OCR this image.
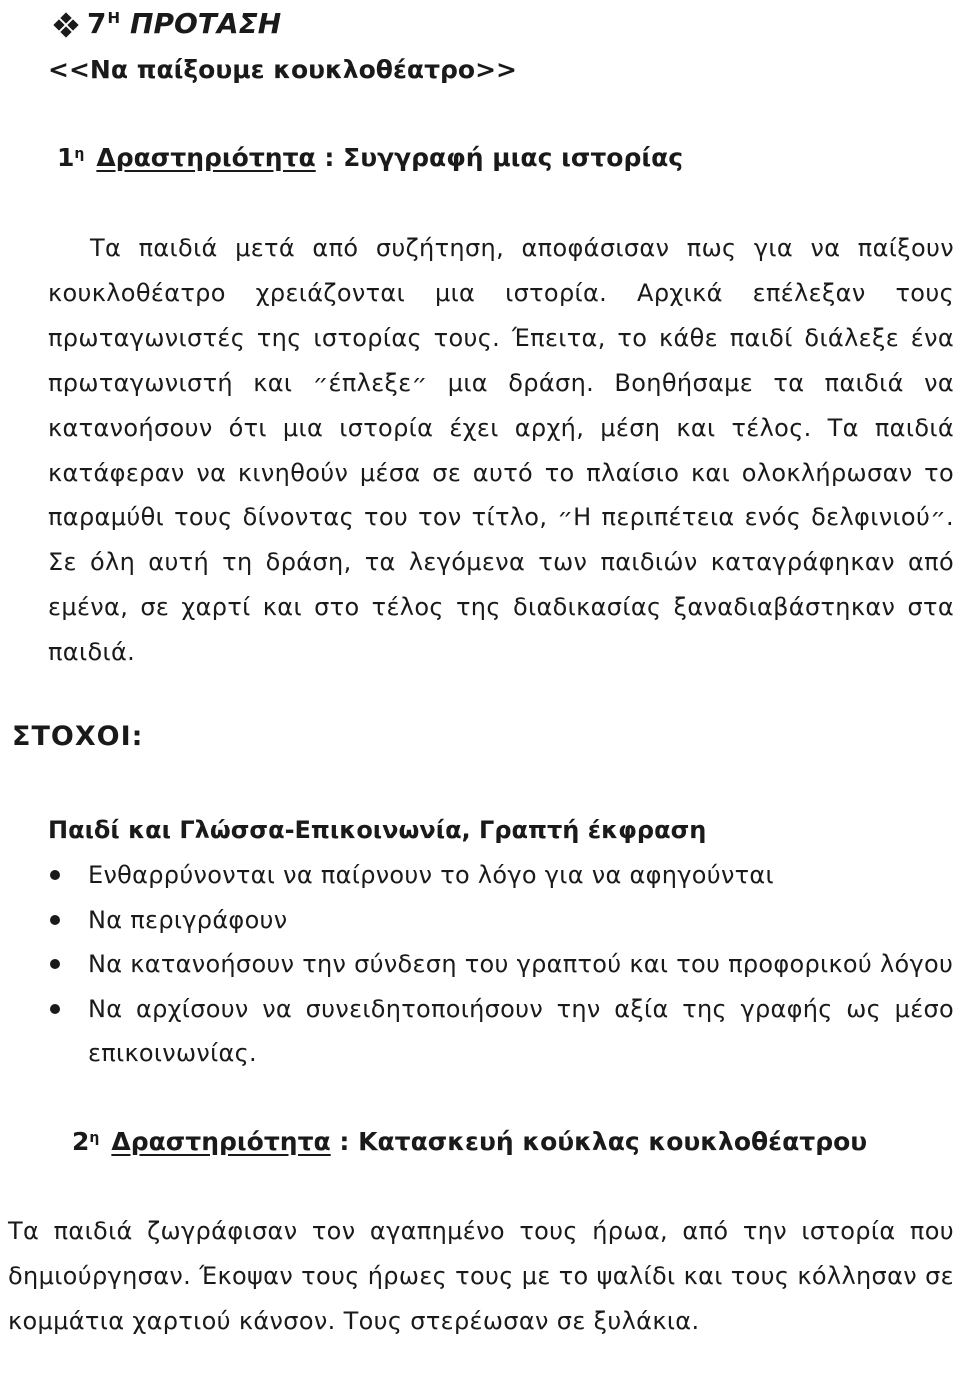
7 Η ΠΡΟΤΑΣΗ
<<Να παίξουμε κουκλοθέατρο>>
$1^\eta$ Δραστηριότητα : Συγγραφή μιας ιστορίας
Τα παιδιά μετά από συζήτηση, αποφάσισαν πως για να παίξουν κουκλοθέατρο χρειάζονται μια ιστορία. Αρχικά επέλεξαν τους πρωταγωνιστές της ιστορίας τους. Έπειτα, το κάθε παιδί διάλεξε ένα πρωταγωνιστή και ״έπλεξε״ μια δράση. Βοηθήσαμε τα παιδιά να κατανοήσουν ότι μια ιστορία έχει αρχή, μέση και τέλος. Τα παιδιά κατάφεραν να κινηθούν μέσα σε αυτό το πλαίσιο και ολοκλήρωσαν το παραμύθι τους δίνοντας του τον τίτλο, ״Η περιπέτεια ενός δελφινιού״. Σε όλη αυτή τη δράση, τα λεγόμενα των παιδιών καταγράφηκαν από εμένα, σε χαρτί και στο τέλος της διαδικασίας ξαναδιαβάστηκαν στα παιδιά.
ΣΤΟΧΟΙ:
Παιδί και Γλώσσα-Επικοινωνία, Γραπτή έκφραση
Ενθαρρύνονται να παίρνουν το λόγο για να αφηγούνται
Να περιγράφουν
Να κατανοήσουν την σύνδεση του γραπτού και του προφορικού λόγου
Να αρχίσουν να συνειδητοποιήσουν την αξία της γραφής ως μέσο επικοινωνίας.
$2^\eta$ Δραστηριότητα : Κατασκευή κούκλας κουκλοθέατρου
Τα παιδιά ζωγράφισαν τον αγαπημένο τους ήρωα, από την ιστορία που δημιούργησαν. Έκοψαν τους ήρωες τους με το ψαλίδι και τους κόλλησαν σε κομμάτια χαρτιού κάνσον. Τους στερέωσαν σε ξυλάκια.
